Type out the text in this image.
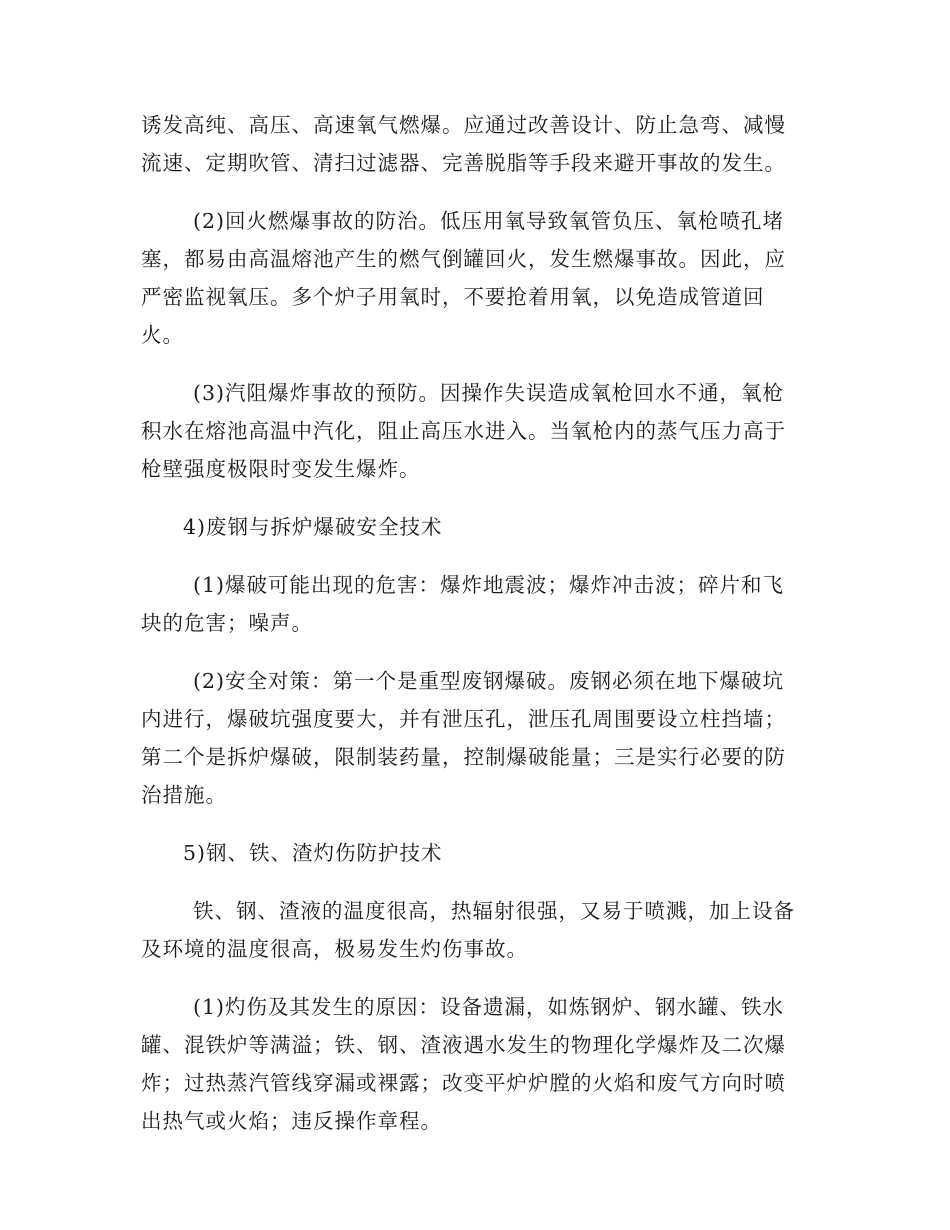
诱发高纯、高压、高速氧气燃爆。应通过改善设计、防止急弯、减慢
流速、定期吹管、清扫过滤器、完善脱脂等手段来避开事故的发生。

(2)回火燃爆事故的防治。低压用氧导致氧管负压、氧枪喷孔堵
塞，都易由高温熔池产生的燃气倒罐回火，发生燃爆事故。因此，应
严密监视氧压。多个炉子用氧时，不要抢着用氧，以免造成管道回
火。

(3)汽阻爆炸事故的预防。因操作失误造成氧枪回水不通，氧枪
积水在熔池高温中汽化，阻止高压水进入。当氧枪内的蒸气压力高于
枪壁强度极限时变发生爆炸。

4)废钢与拆炉爆破安全技术

(1)爆破可能出现的危害：爆炸地震波；爆炸冲击波；碎片和飞
块的危害；噪声。

(2)安全对策：第一个是重型废钢爆破。废钢必须在地下爆破坑
内进行，爆破坑强度要大，并有泄压孔，泄压孔周围要设立柱挡墙；
第二个是拆炉爆破，限制装药量，控制爆破能量；三是实行必要的防
治措施。

5)钢、铁、渣灼伤防护技术

铁、钢、渣液的温度很高，热辐射很强，又易于喷溅，加上设备
及环境的温度很高，极易发生灼伤事故。

(1)灼伤及其发生的原因：设备遗漏，如炼钢炉、钢水罐、铁水
罐、混铁炉等满溢；铁、钢、渣液遇水发生的物理化学爆炸及二次爆
炸；过热蒸汽管线穿漏或裸露；改变平炉炉膛的火焰和废气方向时喷
出热气或火焰；违反操作章程。
